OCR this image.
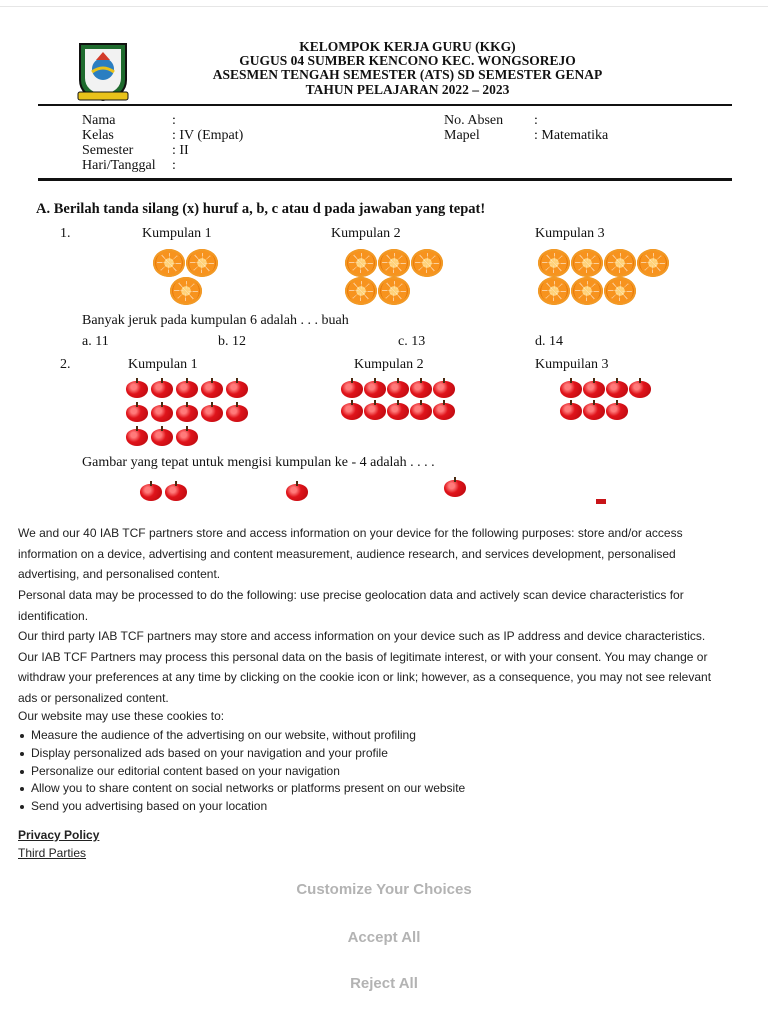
KELOMPOK KERJA GURU (KKG)
GUGUS 04 SUMBER KENCONO KEC. WONGSOREJO
ASESMEN TENGAH SEMESTER (ATS) SD SEMESTER GENAP
TAHUN PELAJARAN 2022 – 2023
Nama	:
Kelas	: IV (Empat)
Semester	: II
Hari/Tanggal :
No. Absen :
Mapel	: Matematika
A. Berilah tanda silang (x) huruf a, b, c atau d pada jawaban yang tepat!
1.	Kumpulan 1	Kumpulan 2	Kumpulan 3
Banyak jeruk pada kumpulan 6 adalah . . . buah
a. 11	b. 12	c. 13	d. 14
2.	Kumpulan 1	Kumpulan 2	Kumpuilan 3
Gambar yang tepat untuk mengisi kumpulan ke - 4 adalah . . . .

We and our 40 IAB TCF partners store and access information on your device for the following purposes: store and/or access information on a device, advertising and content measurement, audience research, and services development, personalised advertising, and personalised content.

Personal data may be processed to do the following: use precise geolocation data and actively scan device characteristics for identification.

Our third party IAB TCF partners may store and access information on your device such as IP address and device characteristics. Our IAB TCF Partners may process this personal data on the basis of legitimate interest, or with your consent. You may change or withdraw your preferences at any time by clicking on the cookie icon or link; however, as a consequence, you may not see relevant ads or personalized content.

Our website may use these cookies to:

Measure the audience of the advertising on our website, without profiling
Display personalized ads based on your navigation and your profile
Personalize our editorial content based on your navigation
Allow you to share content on social networks or platforms present on our website
Send you advertising based on your location
Privacy Policy
Third Parties
Customize Your Choices
Accept All
Reject All
